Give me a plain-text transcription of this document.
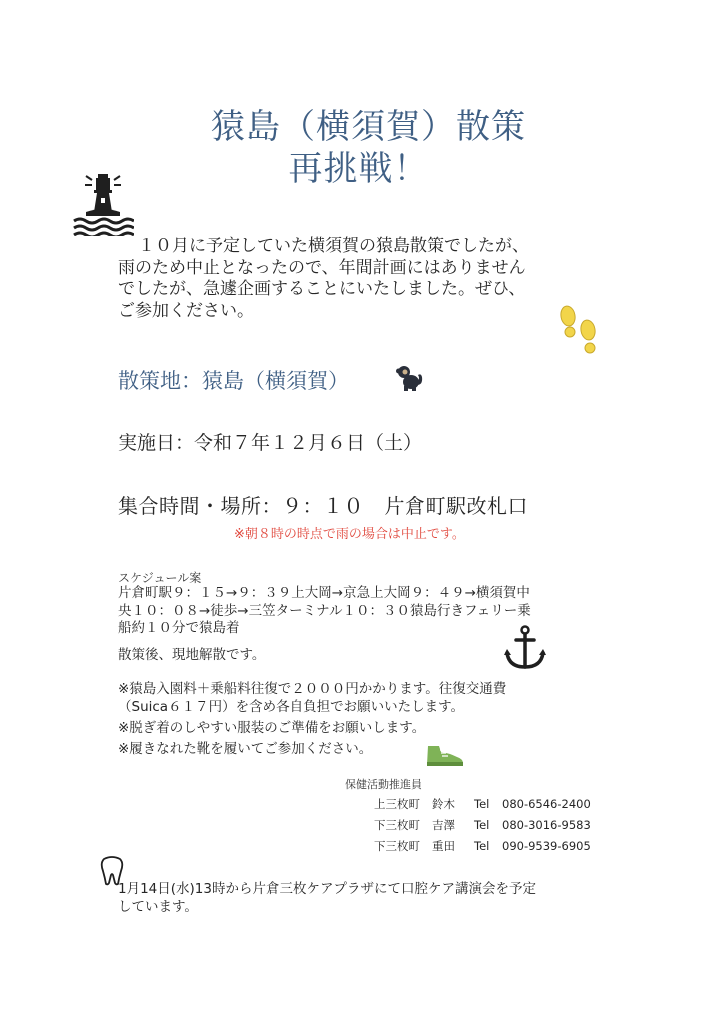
猿島（横須賀）散策
再挑戦！

１０月に予定していた横須賀の猿島散策でしたが、

雨のため中止となったので、年間計画にはありません

でしたが、急遽企画することにいたしました。ぜひ、

ご参加ください。

散策地：猿島（横須賀）
実施日：令和７年１２月６日（土）
集合時間・場所：９：１０　片倉町駅改札口
※朝８時の時点で雨の場合は中止です。
スケジュール案
片倉町駅９：１５→９：３９上大岡→京急上大岡９：４９→横須賀中
央１０：０８→徒歩→三笠ターミナル１０：３０猿島行きフェリー乗
船約１０分で猿島着
散策後、現地解散です。

※猿島入園料＋乗船料往復で２０００円かかります。往復交通費
（Suica６１７円）を含め各自負担でお願いいたします。

※脱ぎ着のしやすい服装のご準備をお願いします。

※履きなれた靴を履いてご参加ください。

保健活動推進員
上三枚町 鈴木 Tel 080-6546-2400
下三枚町 吉澤 Tel 080-3016-9583
下三枚町 重田 Tel 090-9539-6905
1月14日(水)13時から片倉三枚ケアプラザにて口腔ケア講演会を予定
しています。
